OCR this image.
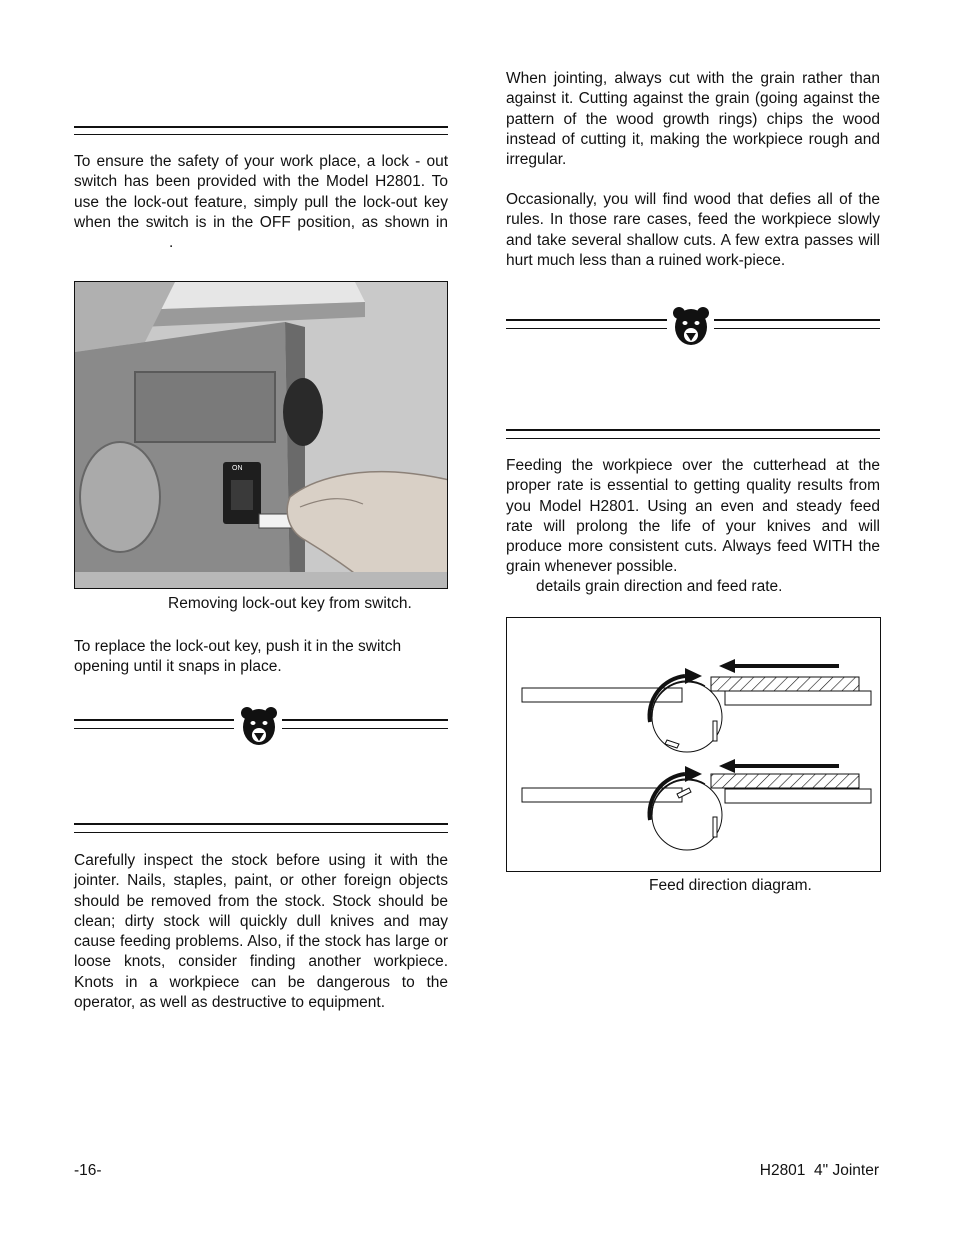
To ensure the safety of your work place, a lock - out switch has been provided with the Model H2801. To use the lock-out feature, simply pull the lock-out key when the switch is in the OFF position, as shown in.

ON
Removing lock-out key from switch.

To replace the lock-out key, push it in the switch opening until it snaps in place.

Carefully inspect the stock before using it with the jointer. Nails, staples, paint, or other foreign objects should be removed from the stock. Stock should be clean; dirty stock will quickly dull knives and may cause feeding problems. Also, if the stock has large or loose knots, consider finding another workpiece. Knots in a workpiece can be dangerous to the operator, as well as destructive to equipment.

When jointing, always cut with the grain rather than against it. Cutting against the grain (going against the pattern of the wood growth rings) chips the wood instead of cutting it, making the workpiece rough and irregular.

Occasionally, you will find wood that defies all of the rules. In those rare cases, feed the workpiece slowly and take several shallow cuts. A few extra passes will hurt much less than a ruined work-piece.

Feeding the workpiece over the cutterhead at the proper rate is essential to getting quality results from you Model H2801. Using an even and steady feed rate will prolong the life of your knives and will produce more consistent cuts. Always feed WITH the grain whenever possible.

details grain direction and feed rate.
Feed direction diagram.
-16-	H2801  4" Jointer
